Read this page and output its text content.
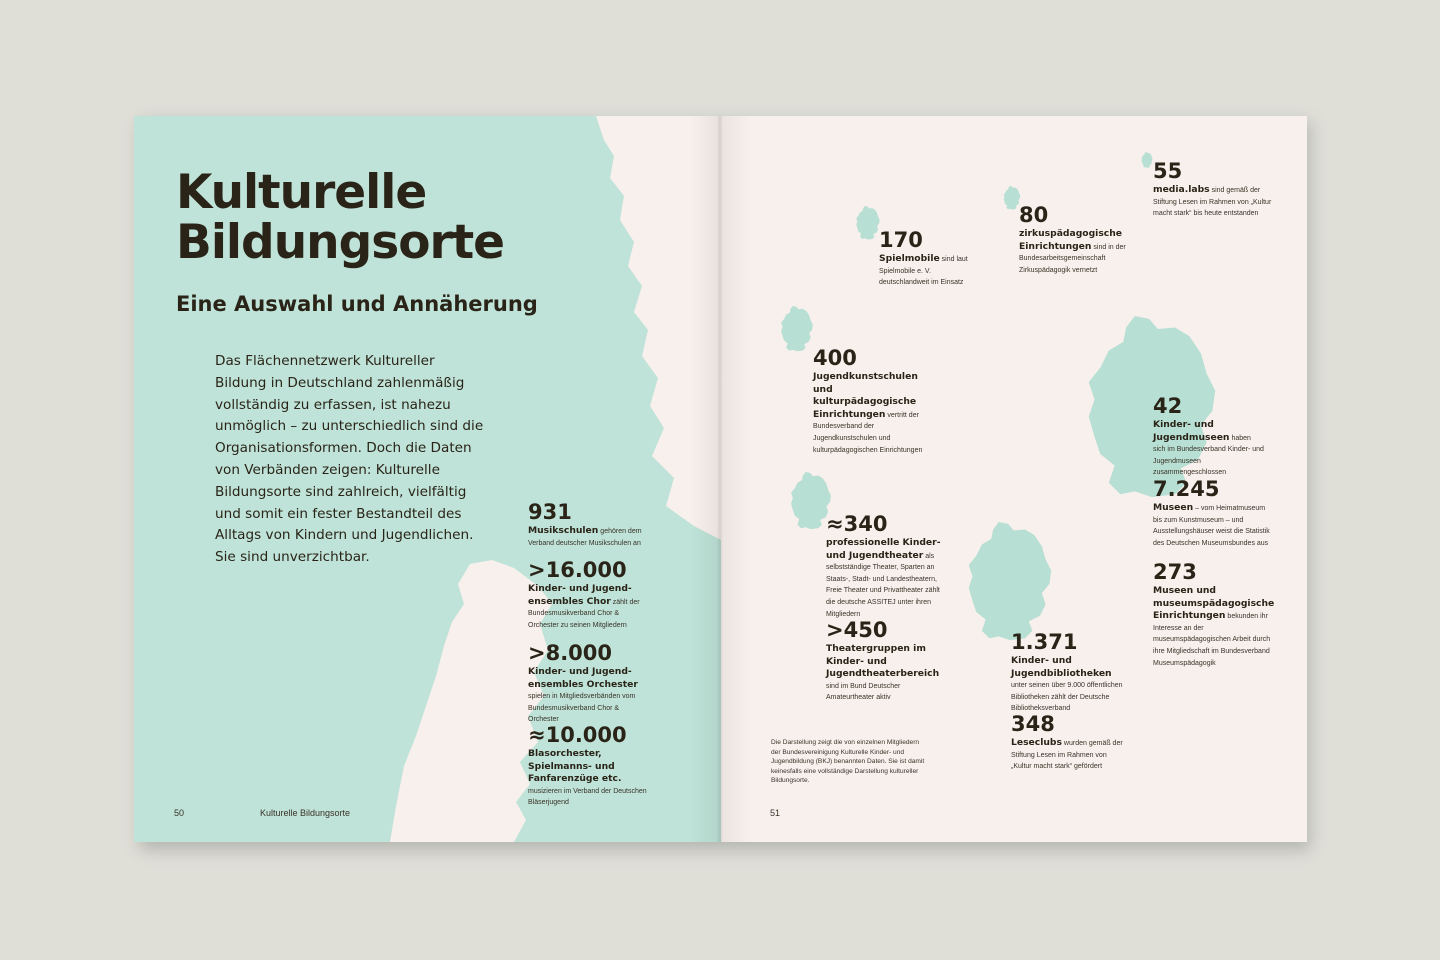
Kulturelle
Bildungsorte
Eine Auswahl und Annäherung

Das Flächennetzwerk Kultureller Bildung in Deutschland zahlenmäßig vollständig zu erfassen, ist nahezu unmöglich – zu unterschiedlich sind die Organisationsformen. Doch die Daten von Verbänden zeigen: Kulturelle Bildungsorte sind zahlreich, vielfältig und somit ein fester Bestandteil des Alltags von Kindern und Jugendlichen. Sie sind unverzichtbar.

931

Musikschulen gehören dem Verband deutscher Musikschulen an

>16.000

Kinder- und Jugendensembles Chor zählt der Bundesmusikverband Chor & Orchester zu seinen Mitgliedern

>8.000

Kinder- und Jugendensembles Orchester spielen in Mitgliedsverbänden vom Bundesmusikverband Chor & Orchester

≈10.000

Blasorchester, Spielmanns- und Fanfarenzüge etc. musizieren im Verband der Deutschen Bläserjugend

50	Kulturelle Bildungsorte
55

media.labs sind gemäß der Stiftung Lesen im Rahmen von „Kultur macht stark“ bis heute entstanden

80

zirkuspädagogische Einrichtungen sind in der Bundesarbeitsgemeinschaft Zirkuspädagogik vernetzt

170

Spielmobile sind laut Spielmobile e. V. deutschlandweit im Einsatz

400

Jugendkunstschulen und kulturpädagogische Einrichtungen vertritt der Bundesverband der Jugendkunstschulen und kulturpädagogischen Einrichtungen

42

Kinder- und Jugendmuseen haben sich im Bundesverband Kinder- und Jugendmuseen zusammengeschlossen

7.245

Museen – vom Heimatmuseum bis zum Kunstmuseum – und Ausstellungshäuser weist die Statistik des Deutschen Museumsbundes aus

273

Museen und museumspädagogische Einrichtungen bekunden ihr Interesse an der museumspädagogischen Arbeit durch ihre Mitgliedschaft im Bundesverband Museumspädagogik

≈340

professionelle Kinder- und Jugendtheater als selbstständige Theater, Sparten an Staats-, Stadt- und Landestheatern, Freie Theater und Privattheater zählt die deutsche ASSITEJ unter ihren Mitgliedern

>450

Theatergruppen im Kinder- und Jugendtheaterbereich sind im Bund Deutscher Amateurtheater aktiv

1.371

Kinder- und Jugendbibliotheken unter seinen über 9.000 öffentlichen Bibliotheken zählt der Deutsche Bibliotheksverband

348

Leseclubs wurden gemäß der Stiftung Lesen im Rahmen von „Kultur macht stark“ gefördert

Die Darstellung zeigt die von einzelnen Mitgliedern der Bundesvereinigung Kulturelle Kinder- und Jugendbildung (BKJ) benannten Daten. Sie ist damit keinesfalls eine vollständige Darstellung kultureller Bildungsorte.

51
